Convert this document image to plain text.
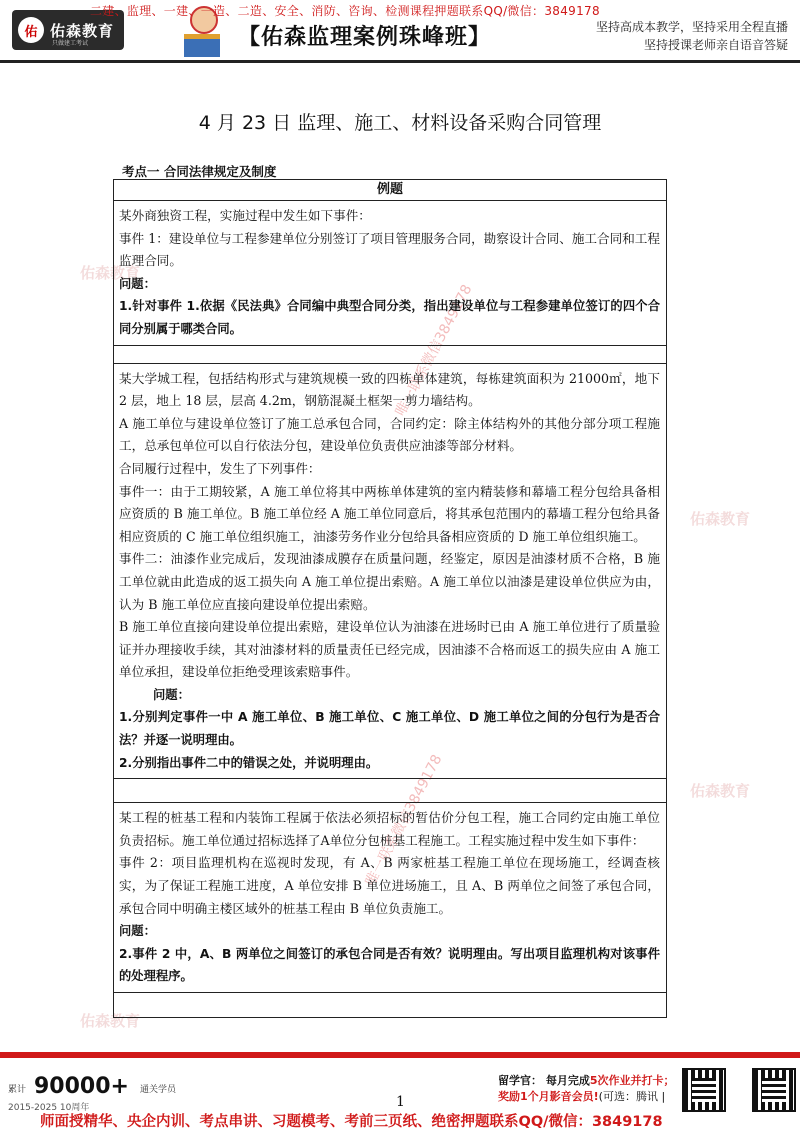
佑 佑森教育
只做建工考试
二建、监理、一建、一造、二造、安全、消防、咨询、检测课程押题联系QQ/微信：3849178
【佑森监理案例珠峰班】	坚持高成本教学，坚持采用全程直播
坚持授课老师亲自语音答疑
佑森教育
佑森教育
佑森教育
佑森教育
唯一联系微信3849178
唯一联系微信3849178
4 月 23 日 监理、施工、材料设备采购合同管理
考点一 合同法律规定及制度
例题

某外商独资工程，实施过程中发生如下事件：

事件 1：建设单位与工程参建单位分别签订了项目管理服务合同，勘察设计合同、施工合同和工程监理合同。

问题：

1.针对事件 1.依据《民法典》合同编中典型合同分类，指出建设单位与工程参建单位签订的四个合同分别属于哪类合同。

某大学城工程，包括结构形式与建筑规模一致的四栋单体建筑，每栋建筑面积为 21000㎡，地下 2 层，地上 18 层，层高 4.2m，钢筋混凝土框架一剪力墙结构。

A 施工单位与建设单位签订了施工总承包合同，合同约定：除主体结构外的其他分部分项工程施工，总承包单位可以自行依法分包，建设单位负责供应油漆等部分材料。

合同履行过程中，发生了下列事件：

事件一：由于工期较紧，A 施工单位将其中两栋单体建筑的室内精装修和幕墙工程分包给具备相应资质的 B 施工单位。B 施工单位经 A 施工单位同意后，将其承包范围内的幕墙工程分包给具备相应资质的 C 施工单位组织施工，油漆劳务作业分包给具备相应资质的 D 施工单位组织施工。

事件二：油漆作业完成后，发现油漆成膜存在质量问题，经鉴定，原因是油漆材质不合格，B 施工单位就由此造成的返工损失向 A 施工单位提出索赔。A 施工单位以油漆是建设单位供应为由，认为 B 施工单位应直接向建设单位提出索赔。

B 施工单位直接向建设单位提出索赔，建设单位认为油漆在进场时已由 A 施工单位进行了质量验证并办理接收手续，其对油漆材料的质量责任已经完成，因油漆不合格而返工的损失应由 A 施工单位承担，建设单位拒绝受理该索赔事件。

问题：

1.分别判定事件一中 A 施工单位、B 施工单位、C 施工单位、D 施工单位之间的分包行为是否合法？并逐一说明理由。

2.分别指出事件二中的错误之处，并说明理由。

某工程的桩基工程和内装饰工程属于依法必须招标的暂估价分包工程，施工合同约定由施工单位负责招标。施工单位通过招标选择了A单位分包桩基工程施工。工程实施过程中发生如下事件：

事件 2：项目监理机构在巡视时发现，有 A、B 两家桩基工程施工单位在现场施工，经调查核实，为了保证工程施工进度，A 单位安排 B 单位进场施工，且 A、B 两单位之间签了承包合同，承包合同中明确主楼区域外的桩基工程由 B 单位负责施工。

问题：

2.事件 2 中，A、B 两单位之间签订的承包合同是否有效？说明理由。写出项目监理机构对该事件的处理程序。

累计 90000+ 通关学员
2015-2025 10周年	1
留学官： 每月完成5次作业并打卡；
奖励1个月影音会员!(可选：腾讯 |
师面授精华、央企内训、考点串讲、习题模考、考前三页纸、绝密押题联系QQ/微信：3849178
